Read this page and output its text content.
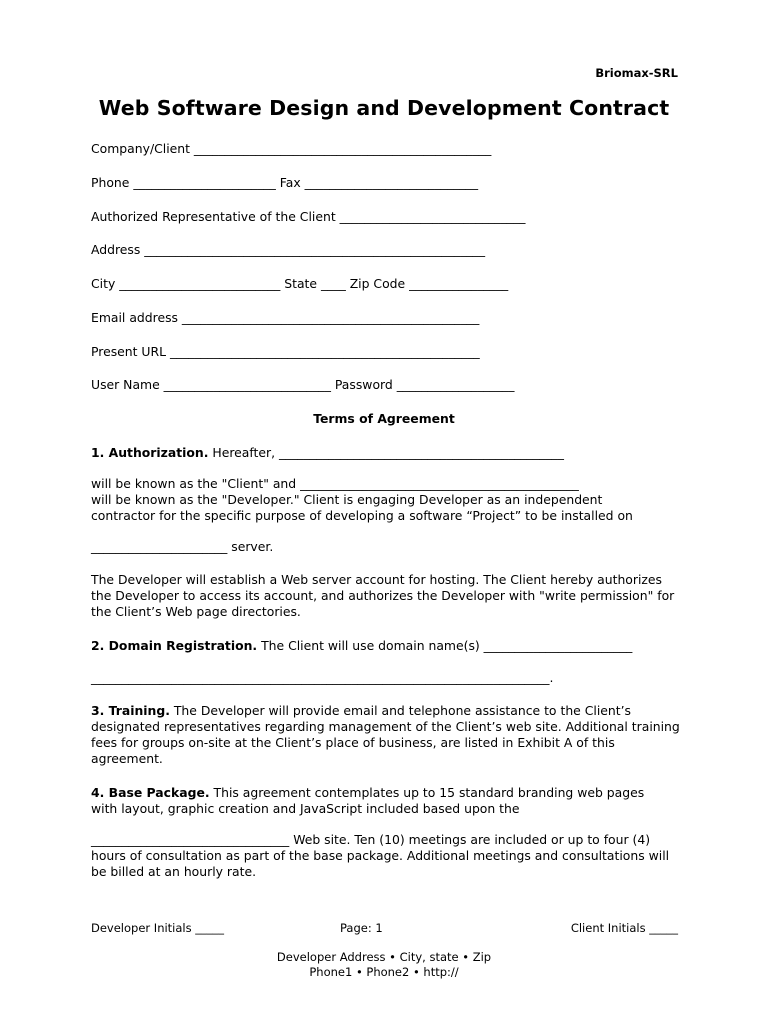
Briomax-SRL
Web Software Design and Development Contract
Company/Client ________________________________________________
Phone _______________________ Fax ____________________________
Authorized Representative of the Client ______________________________
Address _______________________________________________________
City __________________________ State ____ Zip Code ________________
Email address ________________________________________________
Present URL __________________________________________________
User Name ___________________________ Password ___________________
Terms of Agreement
1. Authorization. Hereafter, ______________________________________________
will be known as the "Client" and _____________________________________________
will be known as the "Developer." Client is engaging Developer as an independent
contractor for the specific purpose of developing a software “Project” to be installed on
______________________ server.
The Developer will establish a Web server account for hosting. The Client hereby authorizes the Developer to access its account, and authorizes the Developer with "write permission" for the Client’s Web page directories.
2. Domain Registration. The Client will use domain name(s) ________________________
__________________________________________________________________________.
3. Training. The Developer will provide email and telephone assistance to the Client’s designated representatives regarding management of the Client’s web site. Additional training fees for groups on-site at the Client’s place of business, are listed in Exhibit A of this agreement.
4. Base Package. This agreement contemplates up to 15 standard branding web pages with layout, graphic creation and JavaScript included based upon the
________________________________ Web site. Ten (10) meetings are included or up to four (4) hours of consultation as part of the base package. Additional meetings and consultations will be billed at an hourly rate.
Developer Initials _____	Page: 1	Client Initials _____
Developer Address • City, state • Zip
Phone1 • Phone2 • http://
